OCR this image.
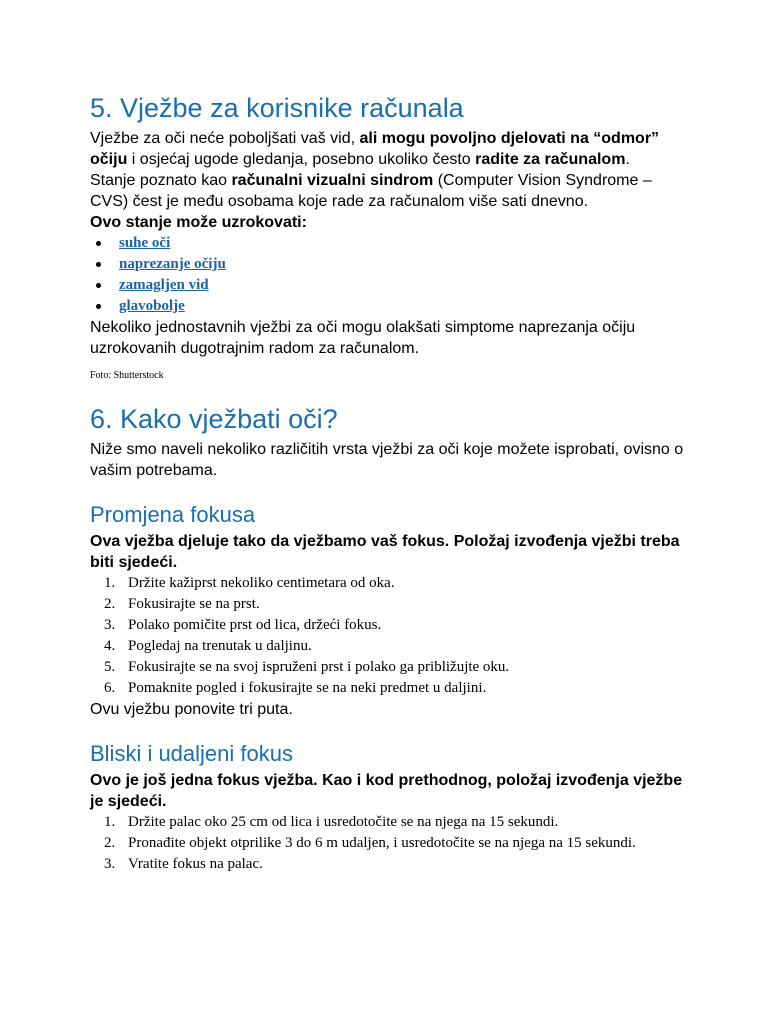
5. Vježbe za korisnike računala

Vježbe za oči neće poboljšati vaš vid, ali mogu povoljno djelovati na “odmor” očiju i osjećaj ugode gledanja, posebno ukoliko često radite za računalom.

Stanje poznato kao računalni vizualni sindrom (Computer Vision Syndrome – CVS) čest je među osobama koje rade za računalom više sati dnevno.

Ovo stanje može uzrokovati:

suhe oči
naprezanje očiju
zamagljen vid
glavobolje

Nekoliko jednostavnih vježbi za oči mogu olakšati simptome naprezanja očiju uzrokovanih dugotrajnim radom za računalom.

Foto: Shutterstock
6. Kako vježbati oči?

Niže smo naveli nekoliko različitih vrsta vježbi za oči koje možete isprobati, ovisno o vašim potrebama.

Promjena fokusa

Ova vježba djeluje tako da vježbamo vaš fokus. Položaj izvođenja vježbi treba biti sjedeći.

1. Držite kažiprst nekoliko centimetara od oka.
2. Fokusirajte se na prst.
3. Polako pomičite prst od lica, držeći fokus.
4. Pogledaj na trenutak u daljinu.
5. Fokusirajte se na svoj ispruženi prst i polako ga približujte oku.
6. Pomaknite pogled i fokusirajte se na neki predmet u daljini.

Ovu vježbu ponovite tri puta.

Bliski i udaljeni fokus

Ovo je još jedna fokus vježba. Kao i kod prethodnog, položaj izvođenja vježbe je sjedeći.

1. Držite palac oko 25 cm od lica i usredotočite se na njega na 15 sekundi.
2. Pronađite objekt otprilike 3 do 6 m udaljen, i usredotočite se na njega na 15 sekundi.
3. Vratite fokus na palac.
